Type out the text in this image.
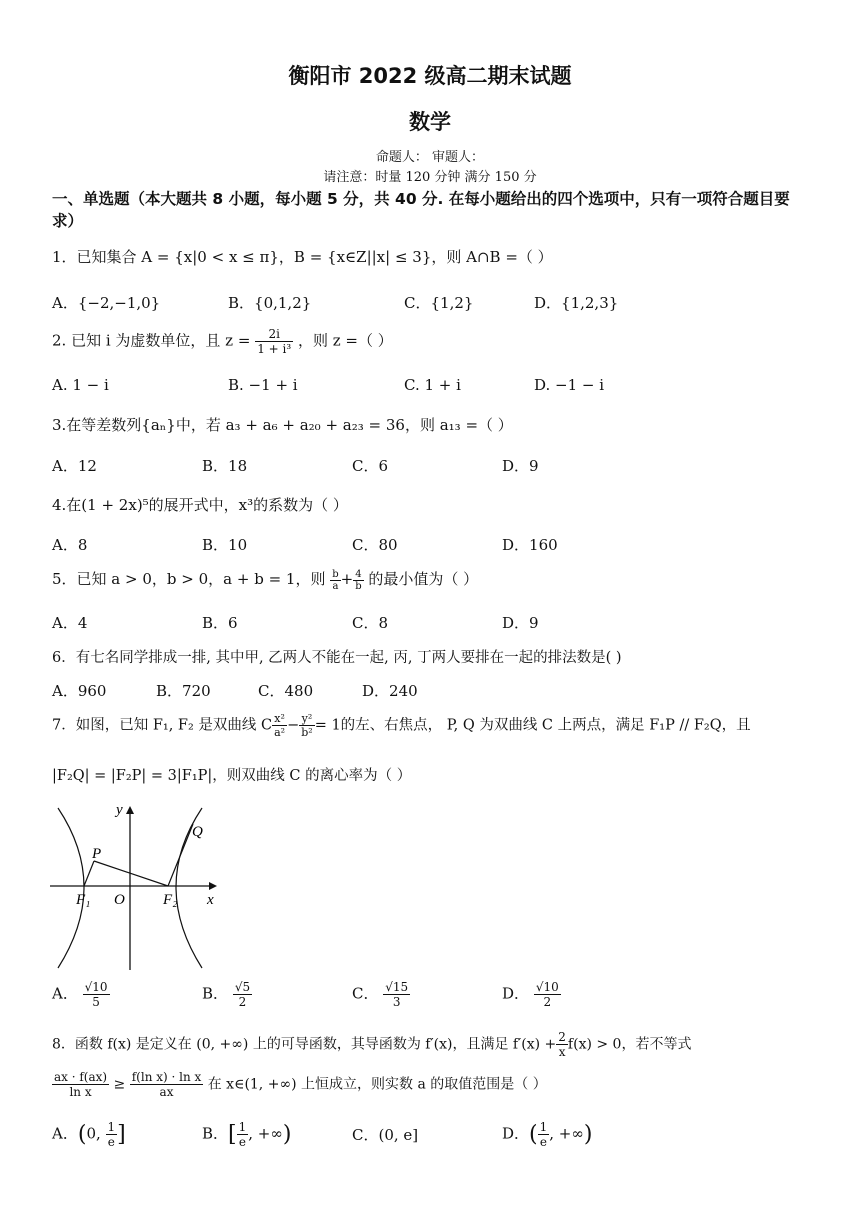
衡阳市 2022 级高二期末试题
数学
命题人： 审题人：
请注意：时量 120 分钟 满分 150 分
一、单选题（本大题共 8 小题，每小题 5 分，共 40 分. 在每小题给出的四个选项中，只有一项符合题目要求）
1．已知集合 A = {x|0 < x ≤ π}，B = {x∈Z||x| ≤ 3}，则 A∩B =（ ）
A．{−2,−1,0}	B．{0,1,2}	C．{1,2}	D．{1,2,3}
2. 已知 i 为虚数单位，且 $z = \frac{2i}{\text{1 + i³}}$ ，则 z =（ ）
A. 1 − i	B. −1 + i	C. 1 + i	D. −1 − i
3.在等差数列{aₙ}中，若 a₃ + a₆ + a₂₀ + a₂₃ = 36，则 a₁₃ =（ ）
A．12	B．18	C．6	D．9
4.在(1 + 2x)⁵的展开式中，x³的系数为（ ）
A．8	B．10	C．80	D．160
5．已知 a > 0，b > 0，a + b = 1，则 $\frac{b}{a} + \frac{4}{b}$ 的最小值为（ ）
A．4	B．6	C．8	D．9
6．有七名同学排成一排, 其中甲, 乙两人不能在一起, 丙, 丁两人要排在一起的排法数是( )
A．960	B．720	C．480	D．240
7．如图，已知 F₁, F₂ 是双曲线 C $\frac{\text{x²}}{\text{a²}} - \frac{\text{y²}}{\text{b²}} = 1$的左、右焦点， P, Q 为双曲线 C 上两点，满足 F₁P // F₂Q，且
|F₂Q| = |F₂P| = 3|F₁P|，则双曲线 C 的离心率为（ ）
y
x
O
P
Q
F₁	F₂
A． $\frac{√10}{5}$	B． $\frac{√5}{2}$	C． $\frac{√15}{3}$	D． $\frac{√10}{2}$
8．函数 f(x) 是定义在 (0, +∞) 上的可导函数，其导函数为 f′(x)，且满足 $f'(x) + \frac{2}{x} f(x) > 0$，若不等式
$\frac{ax \cdot f(ax)}{\text{ln x}} \ge \frac{\text{f(ln x) · ln x}}{ax}$ 在 x∈(1, +∞) 上恒成立，则实数 a 的取值范围是（ ）
A．(0, $\frac{1}{e}$ ]	B．[ $\frac{1}{e}$ , +∞)	C．(0, e]	D．( $\frac{1}{e}$ , +∞)
